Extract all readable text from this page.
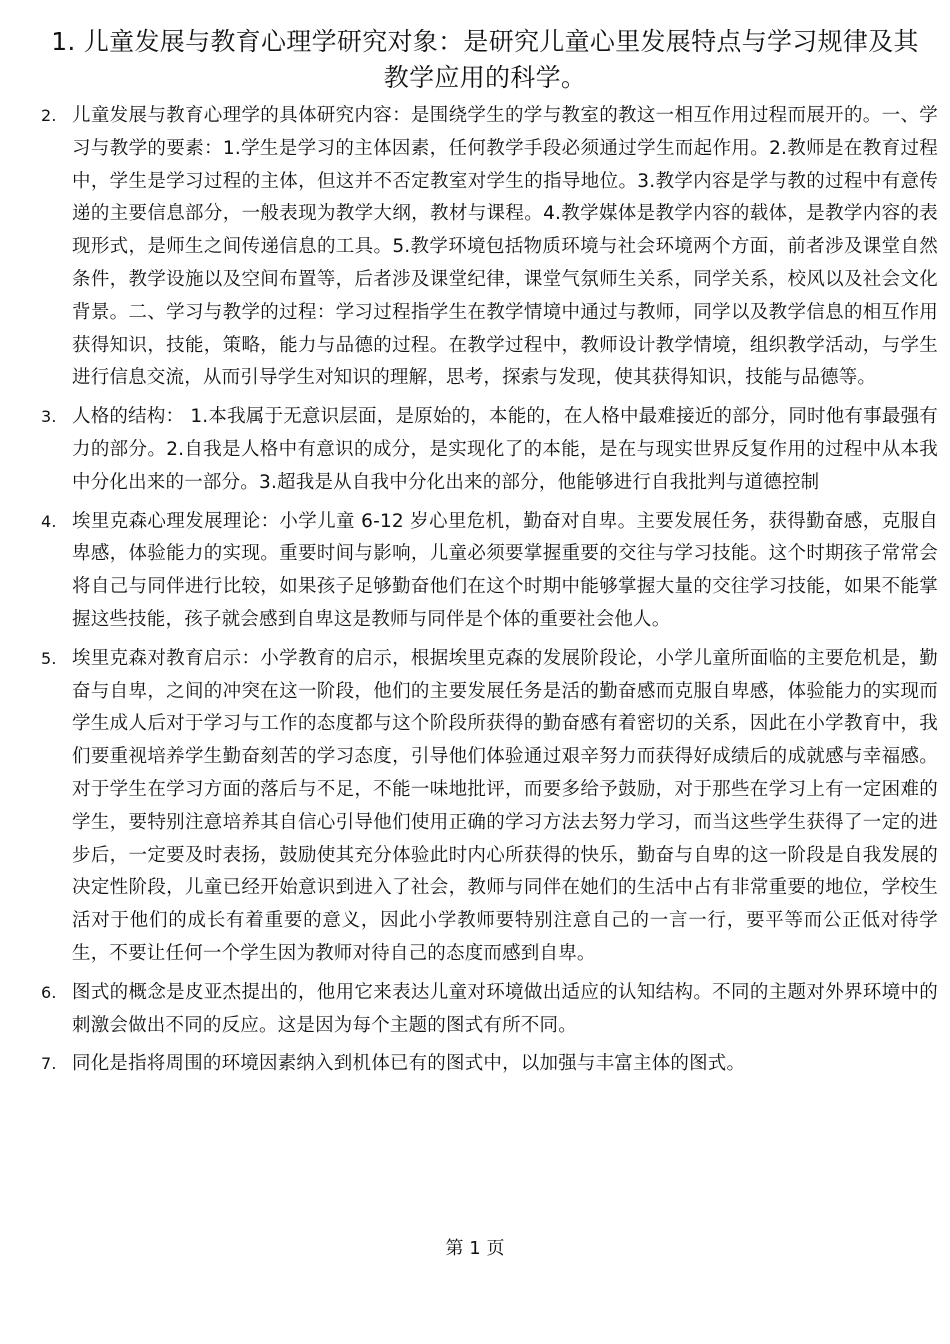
1. 儿童发展与教育心理学研究对象：是研究儿童心里发展特点与学习规律及其教学应用的科学。
2. 儿童发展与教育心理学的具体研究内容：是围绕学生的学与教室的教这一相互作用过程而展开的。一、学习与教学的要素：1.学生是学习的主体因素，任何教学手段必须通过学生而起作用。2.教师是在教育过程中，学生是学习过程的主体，但这并不否定教室对学生的指导地位。3.教学内容是学与教的过程中有意传递的主要信息部分，一般表现为教学大纲，教材与课程。4.教学媒体是教学内容的载体，是教学内容的表现形式，是师生之间传递信息的工具。5.教学环境包括物质环境与社会环境两个方面，前者涉及课堂自然条件，教学设施以及空间布置等，后者涉及课堂纪律，课堂气氛师生关系，同学关系，校风以及社会文化背景。二、学习与教学的过程：学习过程指学生在教学情境中通过与教师，同学以及教学信息的相互作用获得知识，技能，策略，能力与品德的过程。在教学过程中，教师设计教学情境，组织教学活动，与学生进行信息交流，从而引导学生对知识的理解，思考，探索与发现，使其获得知识，技能与品德等。
3. 人格的结构： 1.本我属于无意识层面，是原始的，本能的，在人格中最难接近的部分，同时他有事最强有力的部分。2.自我是人格中有意识的成分，是实现化了的本能，是在与现实世界反复作用的过程中从本我中分化出来的一部分。3.超我是从自我中分化出来的部分，他能够进行自我批判与道德控制
4. 埃里克森心理发展理论：小学儿童 6-12 岁心里危机，勤奋对自卑。主要发展任务，获得勤奋感，克服自卑感，体验能力的实现。重要时间与影响，儿童必须要掌握重要的交往与学习技能。这个时期孩子常常会将自己与同伴进行比较，如果孩子足够勤奋他们在这个时期中能够掌握大量的交往学习技能，如果不能掌握这些技能，孩子就会感到自卑这是教师与同伴是个体的重要社会他人。
5. 埃里克森对教育启示：小学教育的启示，根据埃里克森的发展阶段论，小学儿童所面临的主要危机是，勤奋与自卑，之间的冲突在这一阶段，他们的主要发展任务是活的勤奋感而克服自卑感，体验能力的实现而学生成人后对于学习与工作的态度都与这个阶段所获得的勤奋感有着密切的关系，因此在小学教育中，我们要重视培养学生勤奋刻苦的学习态度，引导他们体验通过艰辛努力而获得好成绩后的成就感与幸福感。对于学生在学习方面的落后与不足，不能一味地批评，而要多给予鼓励，对于那些在学习上有一定困难的学生，要特别注意培养其自信心引导他们使用正确的学习方法去努力学习，而当这些学生获得了一定的进步后，一定要及时表扬，鼓励使其充分体验此时内心所获得的快乐，勤奋与自卑的这一阶段是自我发展的决定性阶段，儿童已经开始意识到进入了社会，教师与同伴在她们的生活中占有非常重要的地位，学校生活对于他们的成长有着重要的意义，因此小学教师要特别注意自己的一言一行，要平等而公正低对待学生，不要让任何一个学生因为教师对待自己的态度而感到自卑。
6. 图式的概念是皮亚杰提出的，他用它来表达儿童对环境做出适应的认知结构。不同的主题对外界环境中的刺激会做出不同的反应。这是因为每个主题的图式有所不同。
7. 同化是指将周围的环境因素纳入到机体已有的图式中，以加强与丰富主体的图式。
第 1 页
